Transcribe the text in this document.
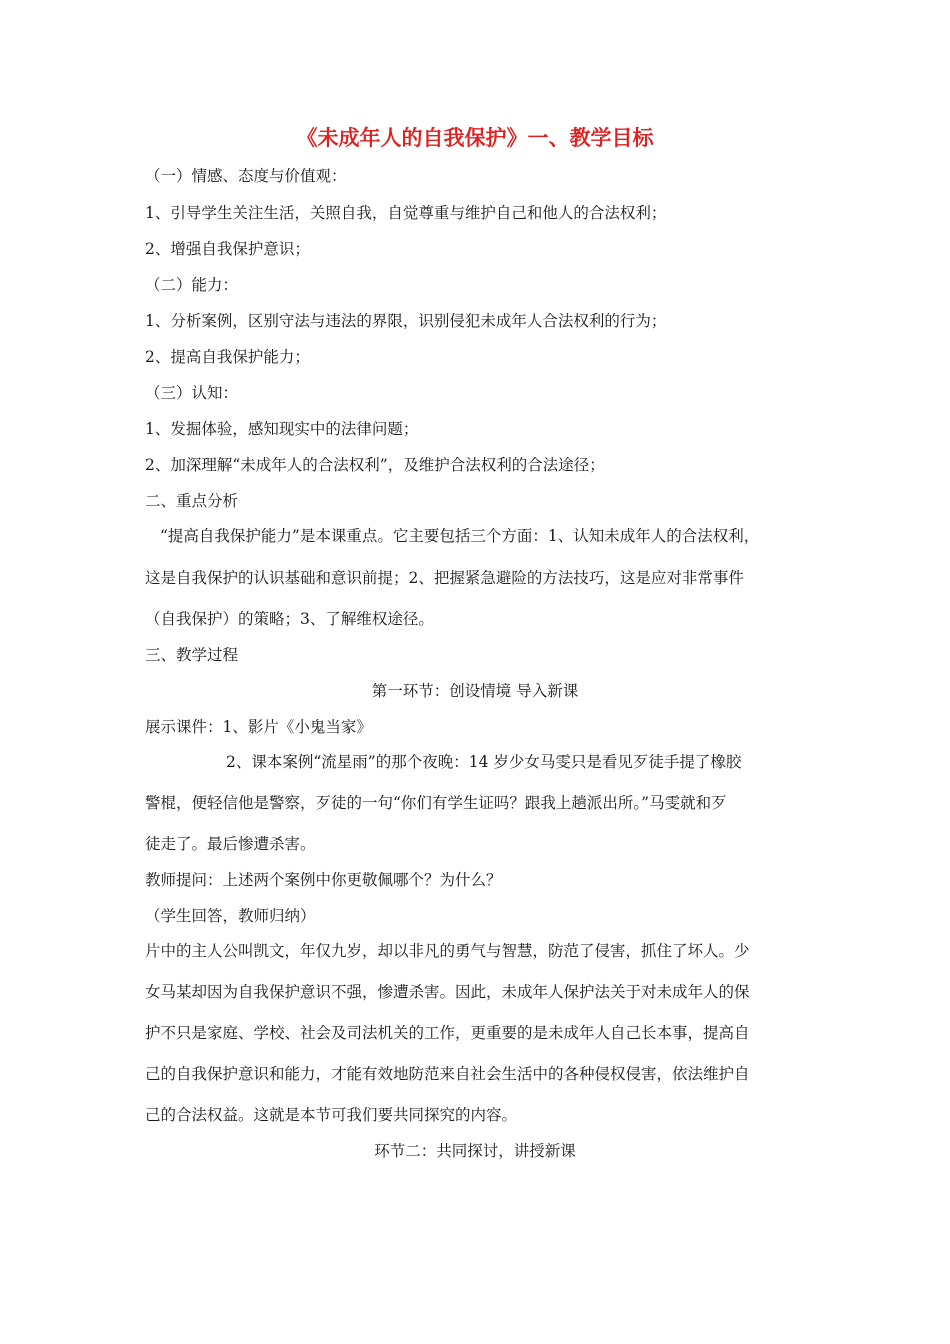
《未成年人的自我保护》一、教学目标
（一）情感、态度与价值观：
1、引导学生关注生活，关照自我，自觉尊重与维护自己和他人的合法权利；
2、增强自我保护意识；
（二）能力：
1、分析案例，区别守法与违法的界限，识别侵犯未成年人合法权利的行为；
2、提高自我保护能力；
（三）认知：
1、发掘体验，感知现实中的法律问题；
2、加深理解“未成年人的合法权利”，及维护合法权利的合法途径；
二、重点分析
“提高自我保护能力”是本课重点。它主要包括三个方面：1、认知未成年人的合法权利，
这是自我保护的认识基础和意识前提；2、把握紧急避险的方法技巧，这是应对非常事件
（自我保护）的策略；3、了解维权途径。
三、教学过程
第一环节：创设情境 导入新课
展示课件：1、影片《小鬼当家》
2、课本案例“流星雨”的那个夜晚：14 岁少女马雯只是看见歹徒手提了橡胶
警棍，便轻信他是警察，歹徒的一句“你们有学生证吗？跟我上趟派出所。”马雯就和歹
徒走了。最后惨遭杀害。
教师提问：上述两个案例中你更敬佩哪个？为什么？
（学生回答，教师归纳）
片中的主人公叫凯文，年仅九岁，却以非凡的勇气与智慧，防范了侵害，抓住了坏人。少
女马某却因为自我保护意识不强，惨遭杀害。因此，未成年人保护法关于对未成年人的保
护不只是家庭、学校、社会及司法机关的工作，更重要的是未成年人自己长本事，提高自
己的自我保护意识和能力，才能有效地防范来自社会生活中的各种侵权侵害，依法维护自
己的合法权益。这就是本节可我们要共同探究的内容。
环节二：共同探讨，讲授新课
